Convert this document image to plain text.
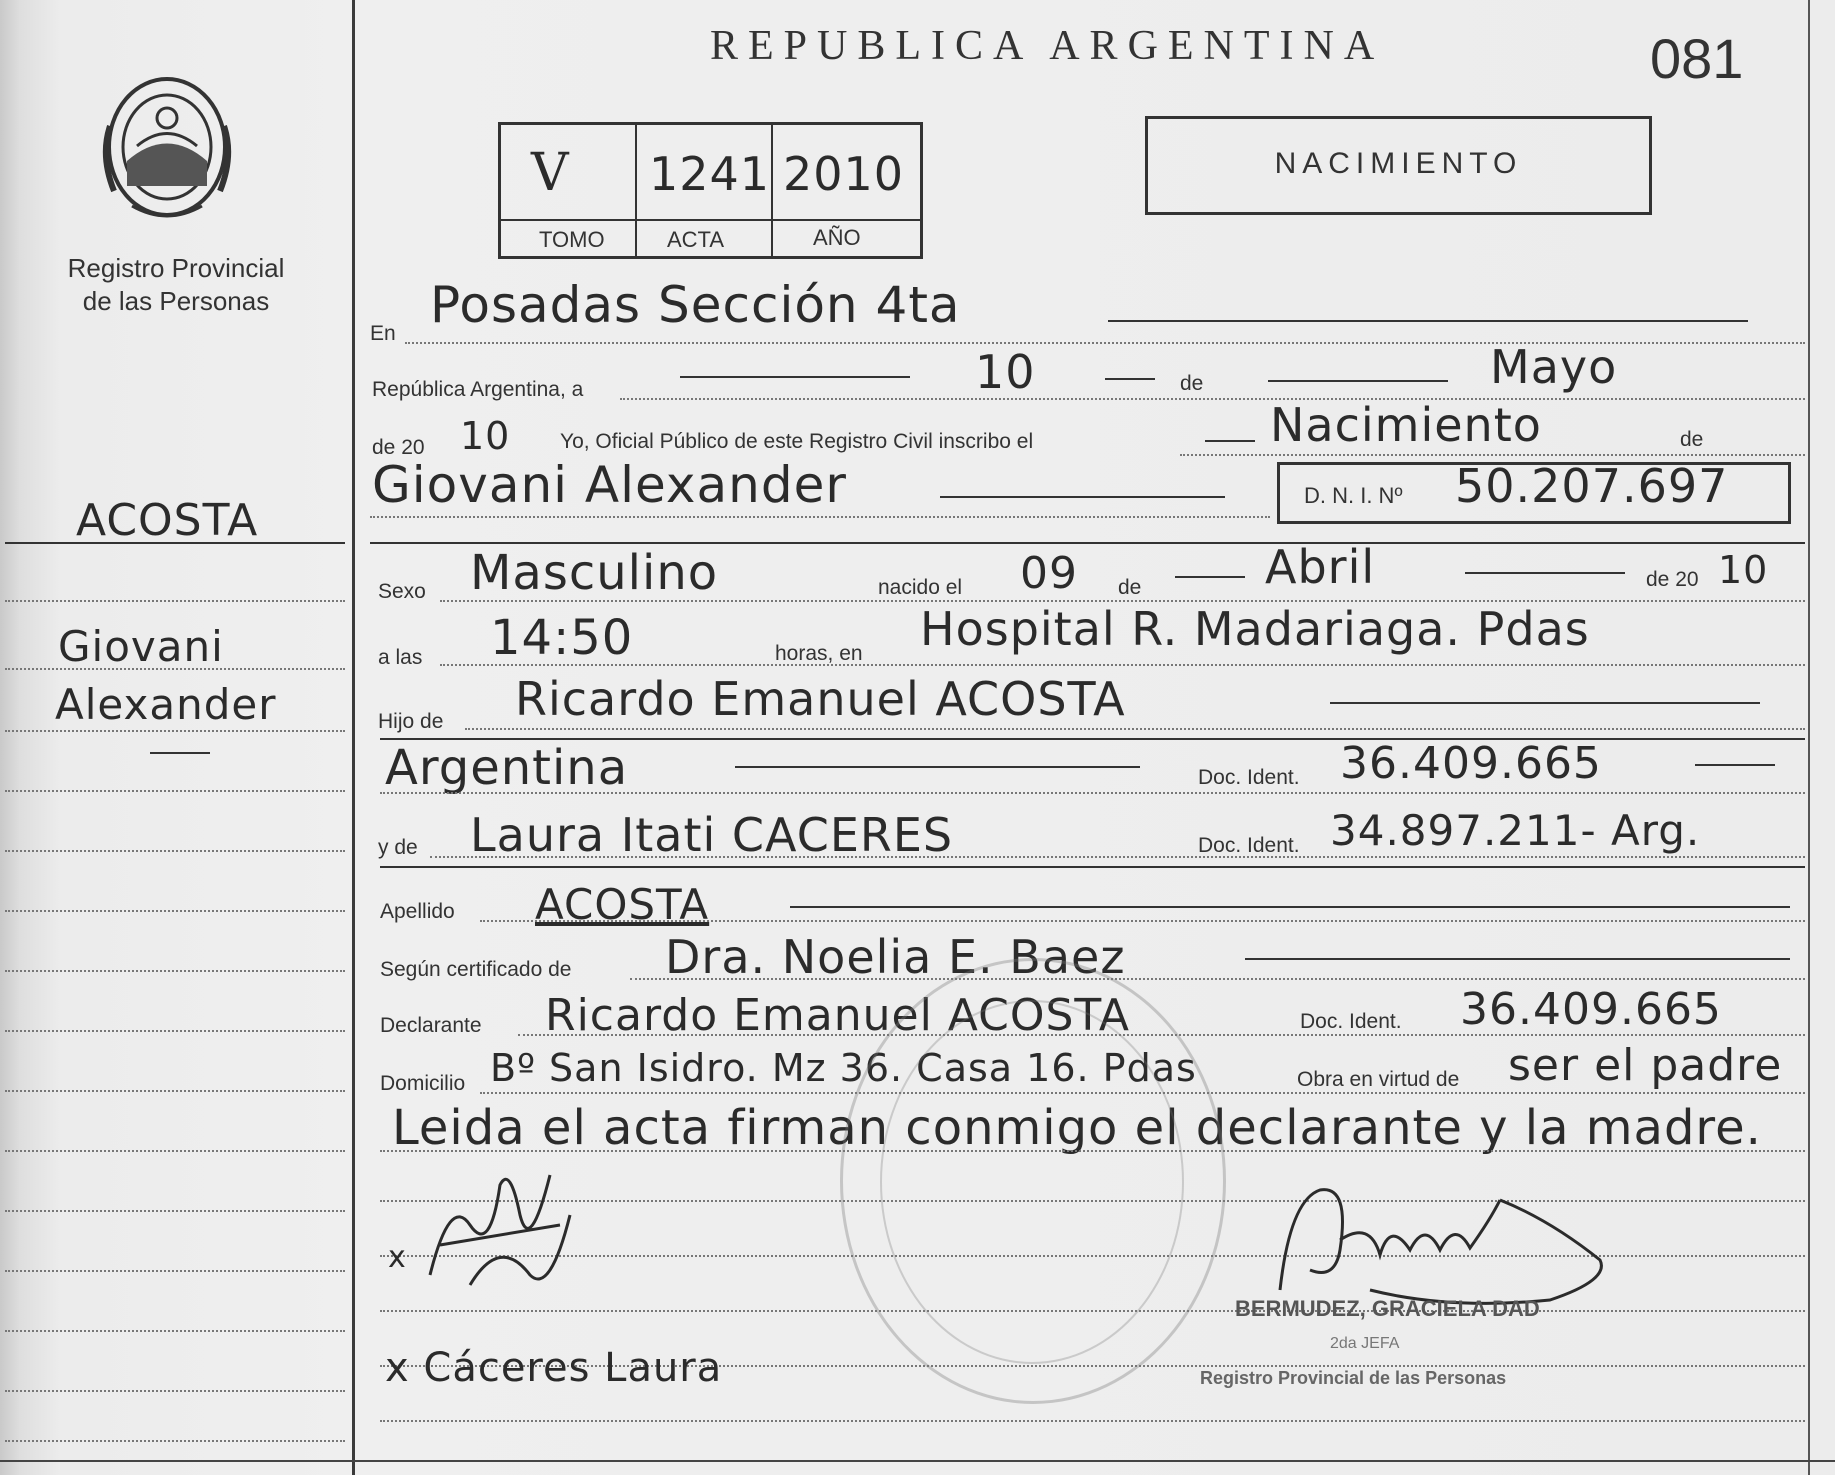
Registro Provincial
de las Personas
ACOSTA
Giovani
Alexander
REPUBLICA ARGENTINA	081
V 1241 2010
TOMO	ACTA	AÑO
NACIMIENTO
En Posadas Sección 4ta
República Argentina, a	10	de	Mayo
de 20 10 Yo, Oficial Público de este Registro Civil inscribo el	Nacimiento	de
Giovani Alexander	D. N. I. Nº 50.207.697
Sexo Masculino	nacido el 09 de	Abril	de 20 10
a las 14:50	horas, en Hospital R. Madariaga. Pdas
Hijo de Ricardo Emanuel ACOSTA
Argentina	Doc. Ident. 36.409.665
y de Laura Itati CACERES	Doc. Ident. 34.897.211- Arg.
Apellido ACOSTA
Según certificado de Dra. Noelia E. Baez
Declarante Ricardo Emanuel ACOSTA	Doc. Ident. 36.409.665
Domicilio Bº San Isidro. Mz 36. Casa 16. Pdas	Obra en virtud de ser el padre
Leida el acta firman conmigo el declarante y la madre.
x
x Cáceres Laura
BERMUDEZ, GRACIELA DAD
2da JEFA
Registro Provincial de las Personas
